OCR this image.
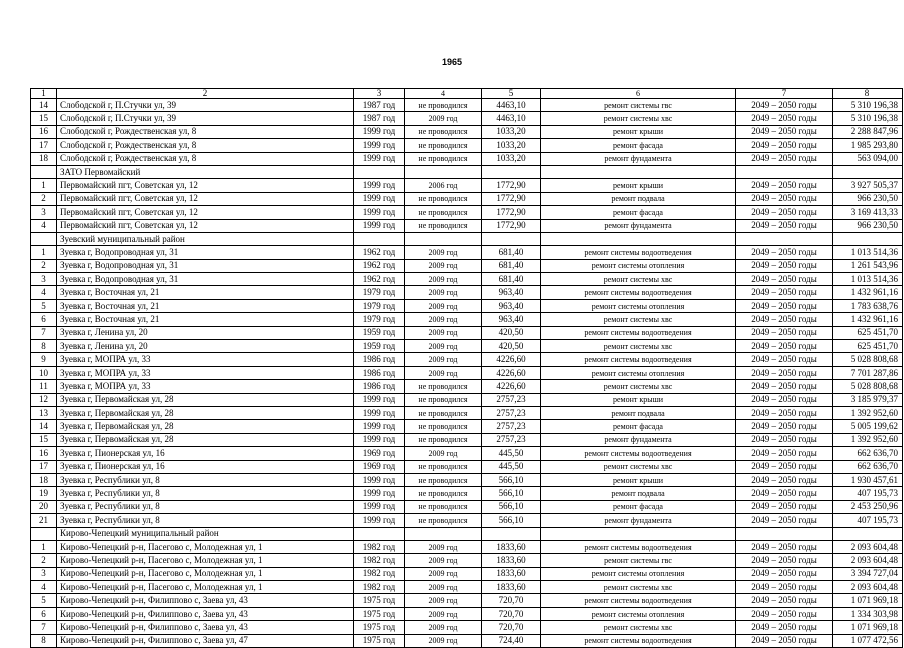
1965
1	2	3	4	5	6	7	8
14	Слободской г, П.Стучки ул, 39	1987 год	не проводился	4463,10	ремонт системы гвс	2049 – 2050 годы	5 310 196,38
15	Слободской г, П.Стучки ул, 39	1987 год	2009 год	4463,10	ремонт системы хвс	2049 – 2050 годы	5 310 196,38
16	Слободской г, Рождественская ул, 8	1999 год	не проводился	1033,20	ремонт крыши	2049 – 2050 годы	2 288 847,96
17	Слободской г, Рождественская ул, 8	1999 год	не проводился	1033,20	ремонт фасада	2049 – 2050 годы	1 985 293,80
18	Слободской г, Рождественская ул, 8	1999 год	не проводился	1033,20	ремонт фундамента	2049 – 2050 годы	563 094,00
	ЗАТО Первомайский						
1	Первомайский пгт, Советская ул, 12	1999 год	2006 год	1772,90	ремонт крыши	2049 – 2050 годы	3 927 505,37
2	Первомайский пгт, Советская ул, 12	1999 год	не проводился	1772,90	ремонт подвала	2049 – 2050 годы	966 230,50
3	Первомайский пгт, Советская ул, 12	1999 год	не проводился	1772,90	ремонт фасада	2049 – 2050 годы	3 169 413,33
4	Первомайский пгт, Советская ул, 12	1999 год	не проводился	1772,90	ремонт фундамента	2049 – 2050 годы	966 230,50
	Зуевский муниципальный район						
1	Зуевка г, Водопроводная ул, 31	1962 год	2009 год	681,40	ремонт системы водоотведения	2049 – 2050 годы	1 013 514,36
2	Зуевка г, Водопроводная ул, 31	1962 год	2009 год	681,40	ремонт системы отопления	2049 – 2050 годы	1 261 543,96
3	Зуевка г, Водопроводная ул, 31	1962 год	2009 год	681,40	ремонт системы хвс	2049 – 2050 годы	1 013 514,36
4	Зуевка г, Восточная ул, 21	1979 год	2009 год	963,40	ремонт системы водоотведения	2049 – 2050 годы	1 432 961,16
5	Зуевка г, Восточная ул, 21	1979 год	2009 год	963,40	ремонт системы отопления	2049 – 2050 годы	1 783 638,76
6	Зуевка г, Восточная ул, 21	1979 год	2009 год	963,40	ремонт системы хвс	2049 – 2050 годы	1 432 961,16
7	Зуевка г, Ленина ул, 20	1959 год	2009 год	420,50	ремонт системы водоотведения	2049 – 2050 годы	625 451,70
8	Зуевка г, Ленина ул, 20	1959 год	2009 год	420,50	ремонт системы хвс	2049 – 2050 годы	625 451,70
9	Зуевка г, МОПРА ул, 33	1986 год	2009 год	4226,60	ремонт системы водоотведения	2049 – 2050 годы	5 028 808,68
10	Зуевка г, МОПРА ул, 33	1986 год	2009 год	4226,60	ремонт системы отопления	2049 – 2050 годы	7 701 287,86
11	Зуевка г, МОПРА ул, 33	1986 год	не проводился	4226,60	ремонт системы хвс	2049 – 2050 годы	5 028 808,68
12	Зуевка г, Первомайская ул, 28	1999 год	не проводился	2757,23	ремонт крыши	2049 – 2050 годы	3 185 979,37
13	Зуевка г, Первомайская ул, 28	1999 год	не проводился	2757,23	ремонт подвала	2049 – 2050 годы	1 392 952,60
14	Зуевка г, Первомайская ул, 28	1999 год	не проводился	2757,23	ремонт фасада	2049 – 2050 годы	5 005 199,62
15	Зуевка г, Первомайская ул, 28	1999 год	не проводился	2757,23	ремонт фундамента	2049 – 2050 годы	1 392 952,60
16	Зуевка г, Пионерская ул, 16	1969 год	2009 год	445,50	ремонт системы водоотведения	2049 – 2050 годы	662 636,70
17	Зуевка г, Пионерская ул, 16	1969 год	не проводился	445,50	ремонт системы хвс	2049 – 2050 годы	662 636,70
18	Зуевка г, Республики ул, 8	1999 год	не проводился	566,10	ремонт крыши	2049 – 2050 годы	1 930 457,61
19	Зуевка г, Республики ул, 8	1999 год	не проводился	566,10	ремонт подвала	2049 – 2050 годы	407 195,73
20	Зуевка г, Республики ул, 8	1999 год	не проводился	566,10	ремонт фасада	2049 – 2050 годы	2 453 250,96
21	Зуевка г, Республики ул, 8	1999 год	не проводился	566,10	ремонт фундамента	2049 – 2050 годы	407 195,73
	Кирово-Чепецкий муниципальный район						
1	Кирово-Чепецкий р-н, Пасегово с, Молодежная ул, 1	1982 год	2009 год	1833,60	ремонт системы водоотведения	2049 – 2050 годы	2 093 604,48
2	Кирово-Чепецкий р-н, Пасегово с, Молодежная ул, 1	1982 год	2009 год	1833,60	ремонт системы гвс	2049 – 2050 годы	2 093 604,48
3	Кирово-Чепецкий р-н, Пасегово с, Молодежная ул, 1	1982 год	2009 год	1833,60	ремонт системы отопления	2049 – 2050 годы	3 394 727,04
4	Кирово-Чепецкий р-н, Пасегово с, Молодежная ул, 1	1982 год	2009 год	1833,60	ремонт системы хвс	2049 – 2050 годы	2 093 604,48
5	Кирово-Чепецкий р-н, Филиппово с, Заева ул, 43	1975 год	2009 год	720,70	ремонт системы водоотведения	2049 – 2050 годы	1 071 969,18
6	Кирово-Чепецкий р-н, Филиппово с, Заева ул, 43	1975 год	2009 год	720,70	ремонт системы отопления	2049 – 2050 годы	1 334 303,98
7	Кирово-Чепецкий р-н, Филиппово с, Заева ул, 43	1975 год	2009 год	720,70	ремонт системы хвс	2049 – 2050 годы	1 071 969,18
8	Кирово-Чепецкий р-н, Филиппово с, Заева ул, 47	1975 год	2009 год	724,40	ремонт системы водоотведения	2049 – 2050 годы	1 077 472,56
